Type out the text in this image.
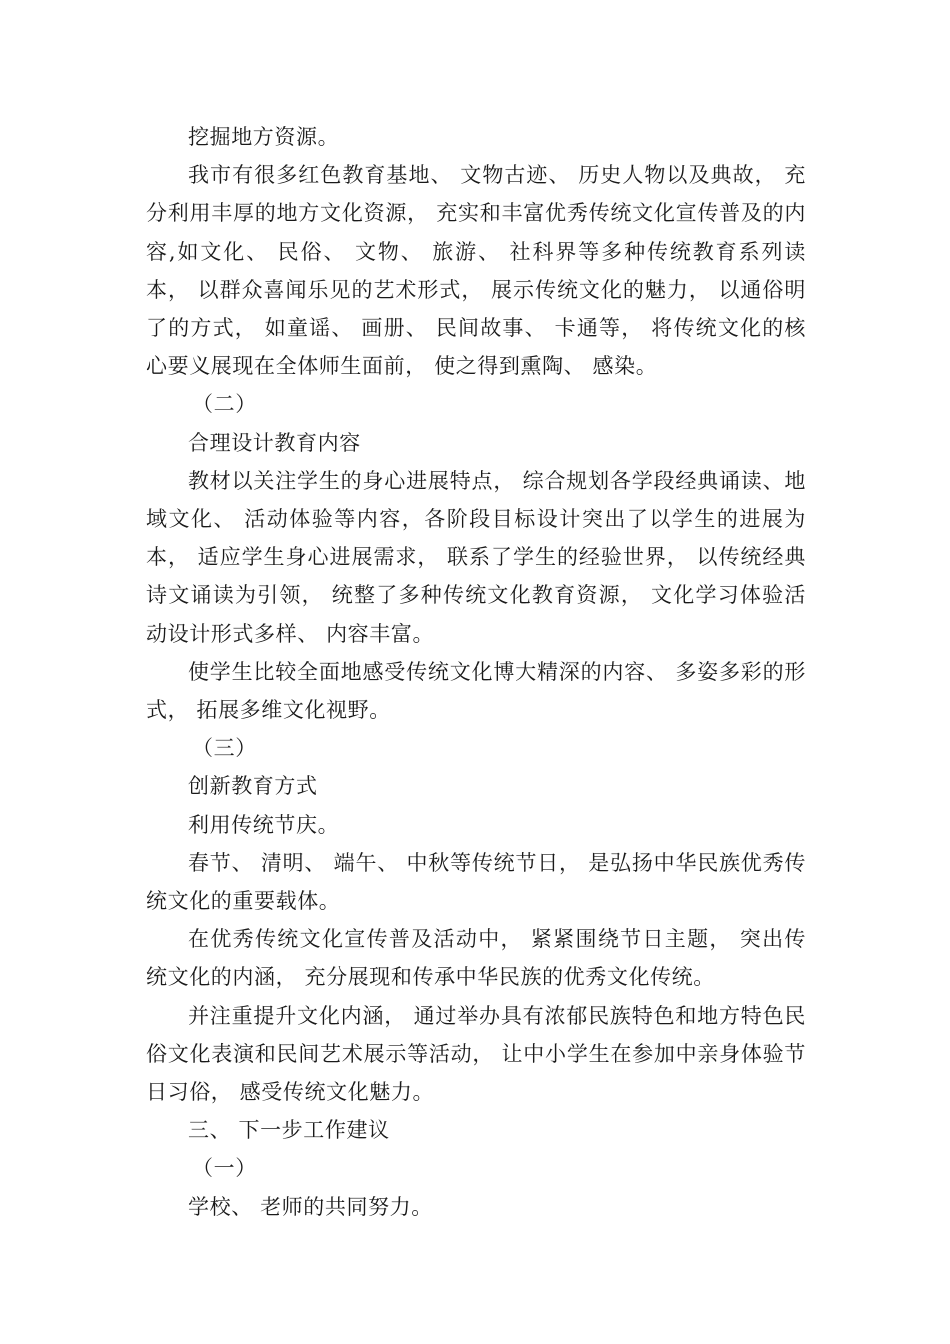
挖掘地方资源。

我市有很多红色教育基地、 文物古迹、 历史人物以及典故， 充分利用丰厚的地方文化资源， 充实和丰富优秀传统文化宣传普及的内容,如文化、 民俗、 文物、 旅游、 社科界等多种传统教育系列读本， 以群众喜闻乐见的艺术形式， 展示传统文化的魅力， 以通俗明了的方式， 如童谣、 画册、 民间故事、 卡通等， 将传统文化的核心要义展现在全体师生面前， 使之得到熏陶、 感染。

（二）

合理设计教育内容

教材以关注学生的身心进展特点， 综合规划各学段经典诵读、地域文化、 活动体验等内容，各阶段目标设计突出了以学生的进展为本， 适应学生身心进展需求， 联系了学生的经验世界， 以传统经典诗文诵读为引领， 统整了多种传统文化教育资源， 文化学习体验活动设计形式多样、 内容丰富。

使学生比较全面地感受传统文化博大精深的内容、 多姿多彩的形式， 拓展多维文化视野。

（三）

创新教育方式

利用传统节庆。

春节、 清明、 端午、 中秋等传统节日， 是弘扬中华民族优秀传统文化的重要载体。

在优秀传统文化宣传普及活动中， 紧紧围绕节日主题， 突出传统文化的内涵， 充分展现和传承中华民族的优秀文化传统。

并注重提升文化内涵， 通过举办具有浓郁民族特色和地方特色民俗文化表演和民间艺术展示等活动， 让中小学生在参加中亲身体验节日习俗， 感受传统文化魅力。

三、 下一步工作建议

（一）

学校、 老师的共同努力。
